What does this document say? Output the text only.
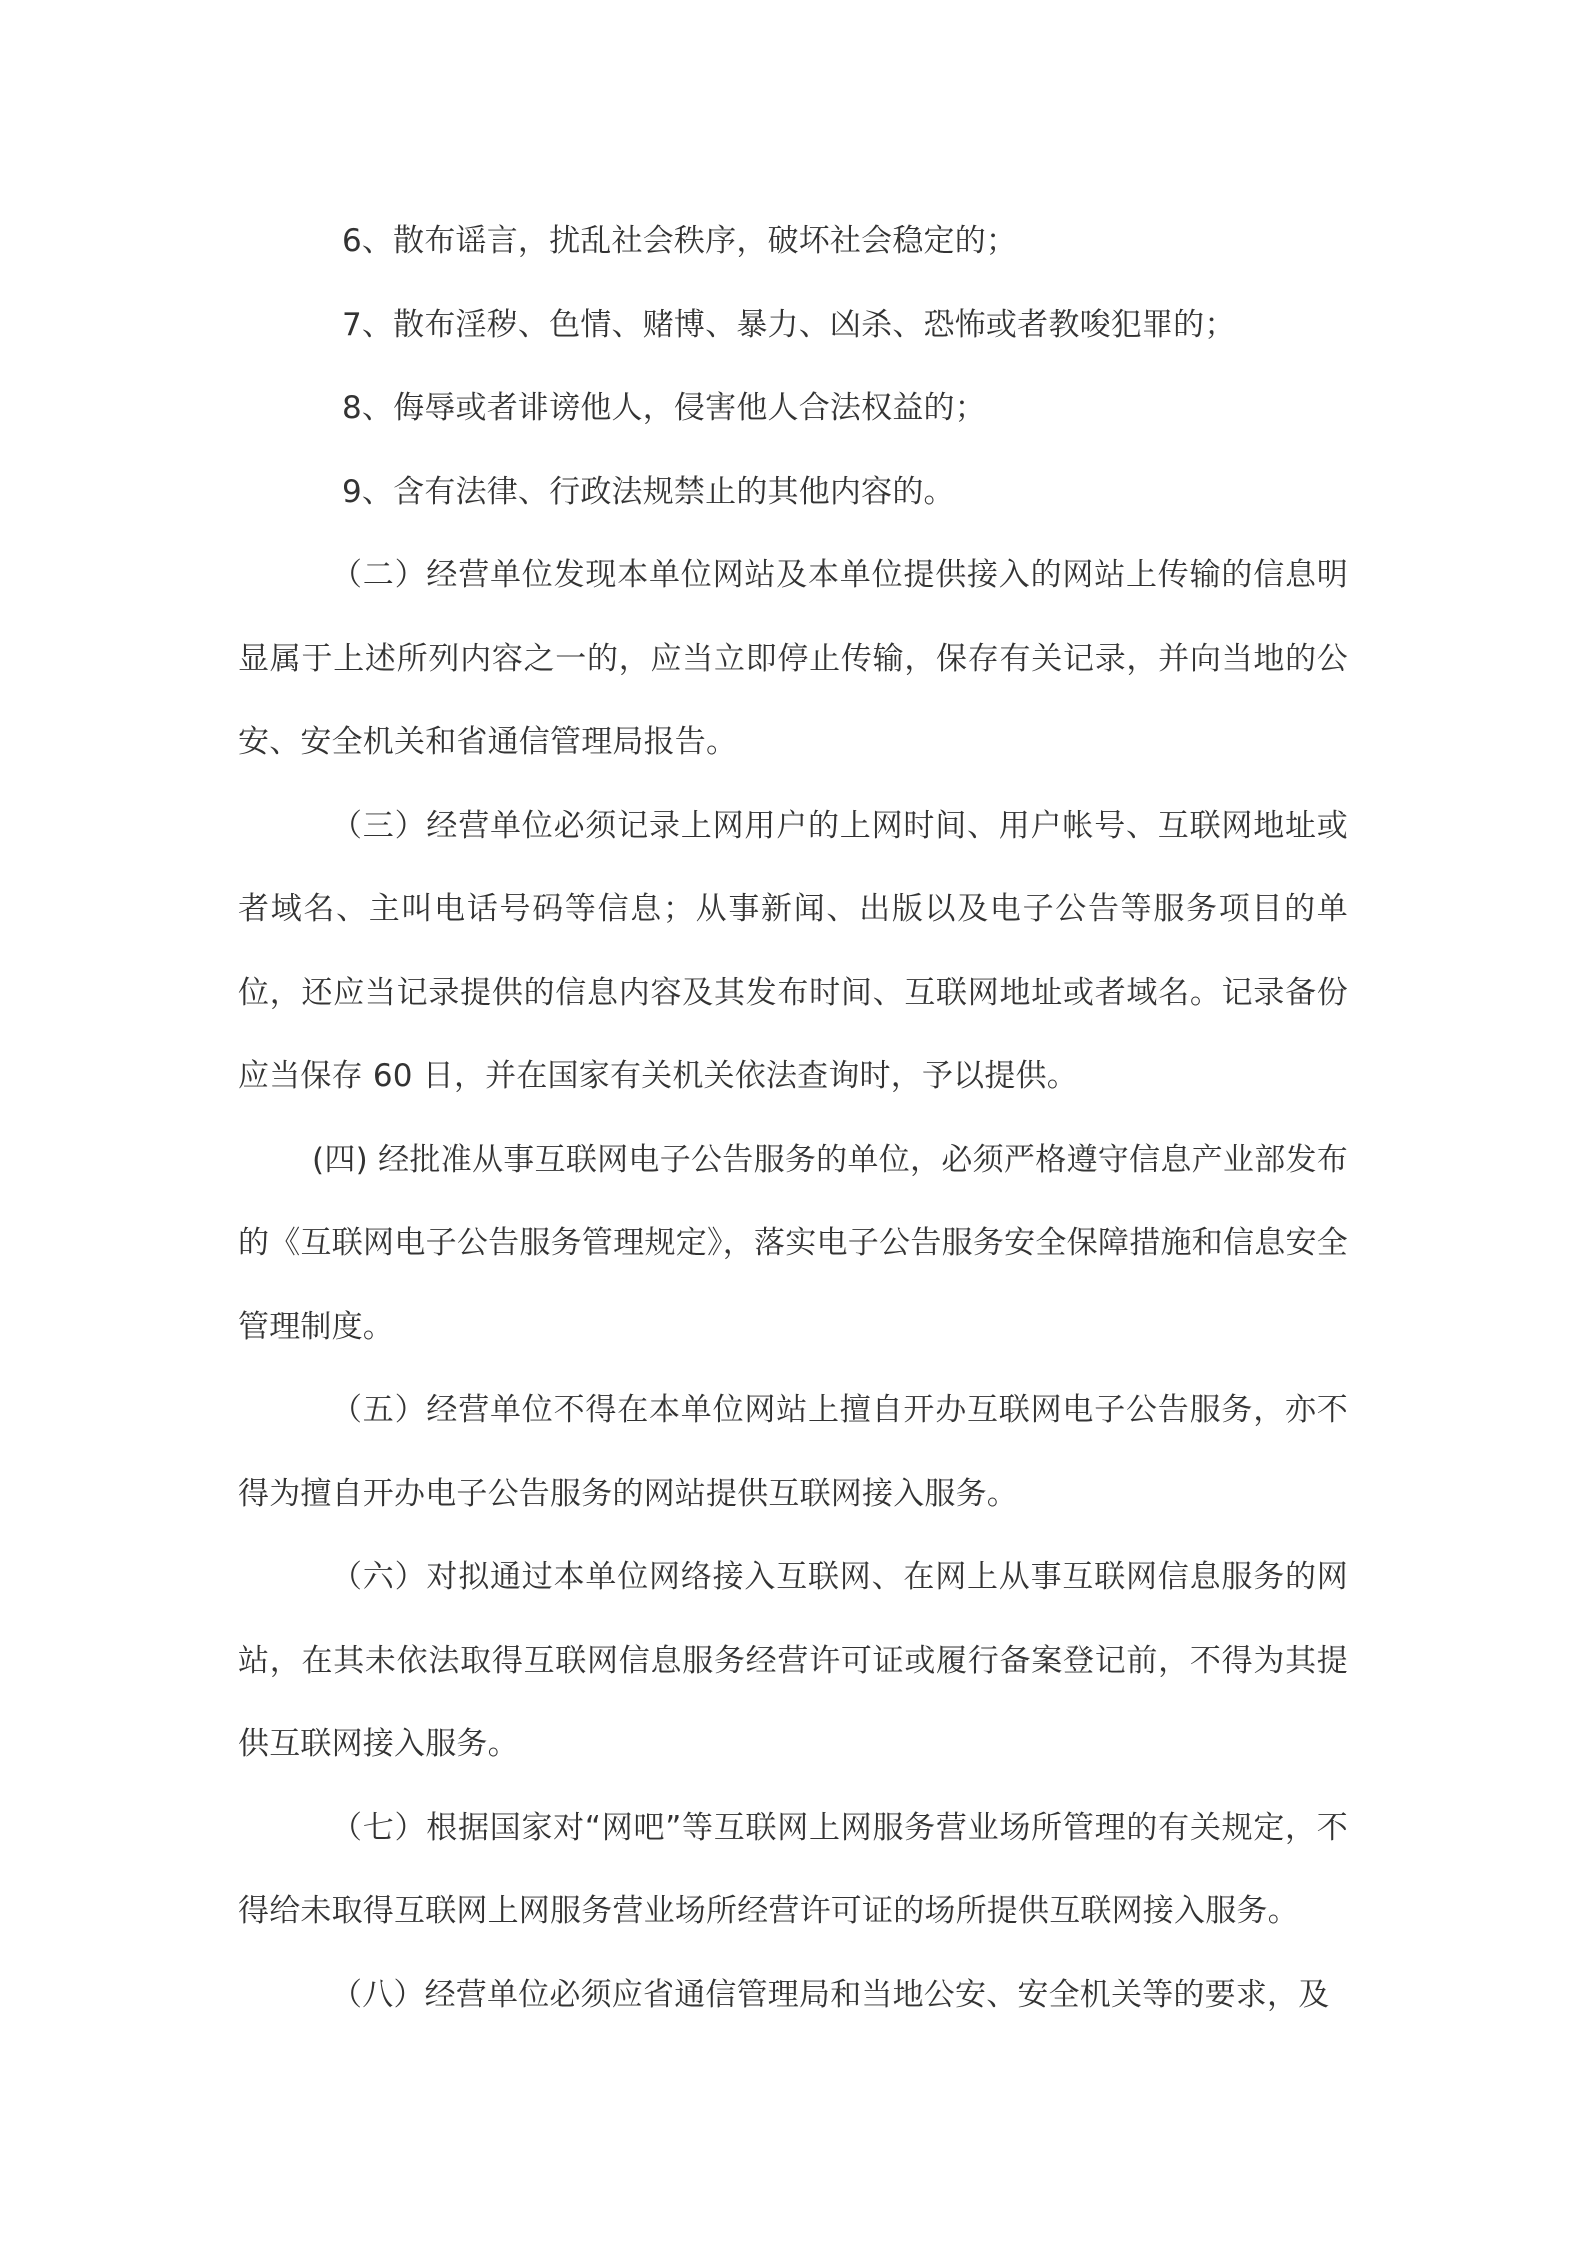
6、散布谣言，扰乱社会秩序，破坏社会稳定的；

7、散布淫秽、色情、赌博、暴力、凶杀、恐怖或者教唆犯罪的；

8、侮辱或者诽谤他人，侵害他人合法权益的；

9、含有法律、行政法规禁止的其他内容的。

（二）经营单位发现本单位网站及本单位提供接入的网站上传输的信息明显属于上述所列内容之一的，应当立即停止传输，保存有关记录，并向当地的公安、安全机关和省通信管理局报告。

（三）经营单位必须记录上网用户的上网时间、用户帐号、互联网地址或者域名、主叫电话号码等信息；从事新闻、出版以及电子公告等服务项目的单位，还应当记录提供的信息内容及其发布时间、互联网地址或者域名。记录备份应当保存 60 日，并在国家有关机关依法查询时，予以提供。

(四) 经批准从事互联网电子公告服务的单位，必须严格遵守信息产业部发布的《互联网电子公告服务管理规定》，落实电子公告服务安全保障措施和信息安全管理制度。

（五）经营单位不得在本单位网站上擅自开办互联网电子公告服务，亦不得为擅自开办电子公告服务的网站提供互联网接入服务。

（六）对拟通过本单位网络接入互联网、在网上从事互联网信息服务的网站，在其未依法取得互联网信息服务经营许可证或履行备案登记前，不得为其提供互联网接入服务。

（七）根据国家对“网吧”等互联网上网服务营业场所管理的有关规定，不得给未取得互联网上网服务营业场所经营许可证的场所提供互联网接入服务。

（八）经营单位必须应省通信管理局和当地公安、安全机关等的要求，及
